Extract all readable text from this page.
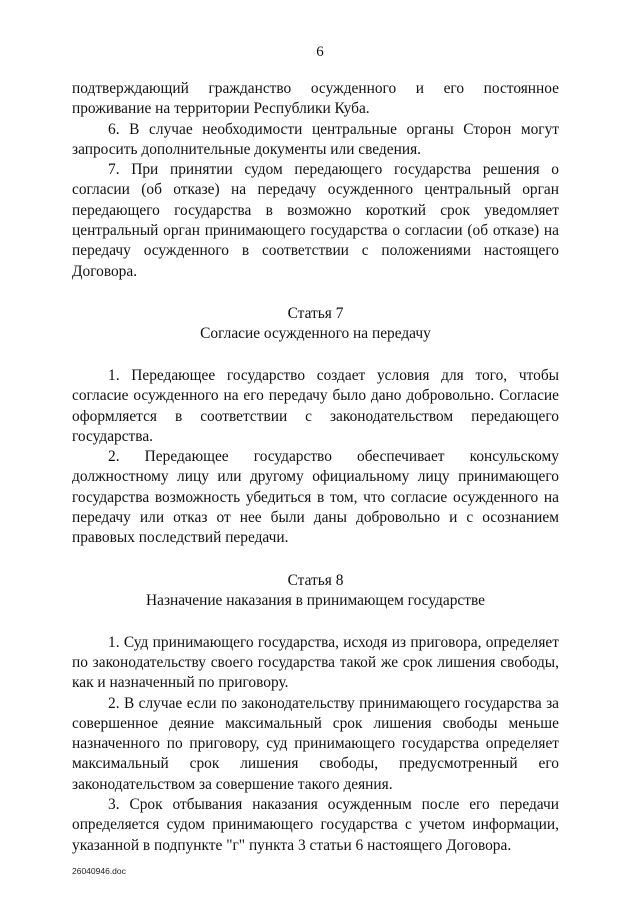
6

подтверждающий гражданство осужденного и его постоянное проживание на территории Республики Куба.

6. В случае необходимости центральные органы Сторон могут запросить дополнительные документы или сведения.

7. При принятии судом передающего государства решения о согласии (об отказе) на передачу осужденного центральный орган передающего государства в возможно короткий срок уведомляет центральный орган принимающего государства о согласии (об отказе) на передачу осужденного в соответствии с положениями настоящего Договора.

Статья 7

Согласие осужденного на передачу

1. Передающее государство создает условия для того, чтобы согласие осужденного на его передачу было дано добровольно. Согласие оформляется в соответствии с законодательством передающего государства.

2. Передающее государство обеспечивает консульскому должностному лицу или другому официальному лицу принимающего государства возможность убедиться в том, что согласие осужденного на передачу или отказ от нее были даны добровольно и с осознанием правовых последствий передачи.

Статья 8

Назначение наказания в принимающем государстве

1. Суд принимающего государства, исходя из приговора, определяет по законодательству своего государства такой же срок лишения свободы, как и назначенный по приговору.

2. В случае если по законодательству принимающего государства за совершенное деяние максимальный срок лишения свободы меньше назначенного по приговору, суд принимающего государства определяет максимальный срок лишения свободы, предусмотренный его законодательством за совершение такого деяния.

3. Срок отбывания наказания осужденным после его передачи определяется судом принимающего государства с учетом информации, указанной в подпункте "г" пункта 3 статьи 6 настоящего Договора.

26040946.doc
